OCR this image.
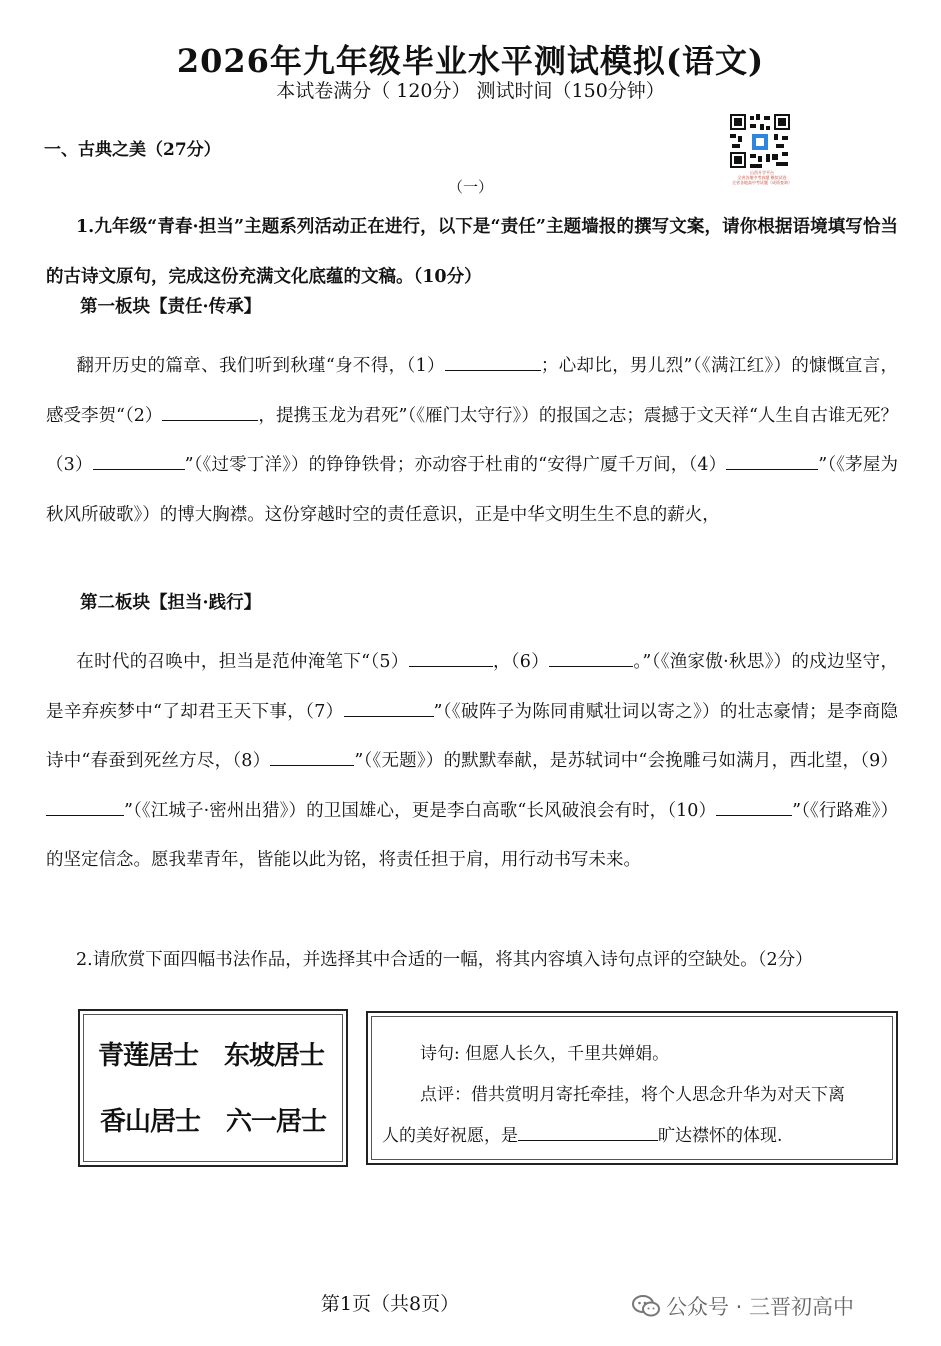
2026年九年级毕业水平测试模拟(语文)
本试卷满分（ 120分） 测试时间（150分钟）
一、古典之美（27分）
山西升学平台
全省各地中考真题 模拟试卷
全省各地高中考试题（成绩查询）
（一）
1.九年级“青春·担当”主题系列活动正在进行，以下是“责任”主题墙报的撰写文案，请你根据语境填写恰当的古诗文原句，完成这份充满文化底蕴的文稿。（10分）
第一板块【责任·传承】
翻开历史的篇章、我们听到秋瑾“身不得，（1）	；心却比，男儿烈”（《满江红》）的慷慨宣言，感受李贺“（2）	，提携玉龙为君死”（《雁门太守行》）的报国之志；震撼于文天祥“人生自古谁无死？（3）	”（《过零丁洋》）的铮铮铁骨；亦动容于杜甫的“安得广厦千万间，（4）	”（《茅屋为秋风所破歌》）的博大胸襟。这份穿越时空的责任意识，正是中华文明生生不息的薪火，
第二板块【担当·践行】
在时代的召唤中，担当是范仲淹笔下“（5）	，（6）	。”（《渔家傲·秋思》）的戍边坚守，是辛弃疾梦中“了却君王天下事，（7）	”（《破阵子为陈同甫赋壮词以寄之》）的壮志豪情；是李商隐诗中“春蚕到死丝方尽，（8）	”（《无题》）的默默奉献，是苏轼词中“会挽雕弓如满月，西北望，（9）”（《江城子·密州出猎》）的卫国雄心，更是李白高歌“长风破浪会有时，（10）	”（《行路难》）的坚定信念。愿我辈青年，皆能以此为铭，将责任担于肩，用行动书写未来。
2.请欣赏下面四幅书法作品，并选择其中合适的一幅，将其内容填入诗句点评的空缺处。（2分）
青莲居士 东坡居士
香山居士 六一居士
诗句: 但愿人长久，千里共婵娟。
点评：借共赏明月寄托牵挂，将个人思念升华为对天下离
人的美好祝愿，是	旷达襟怀的体现.
第1页（共8页）	公众号 · 三晋初高中
